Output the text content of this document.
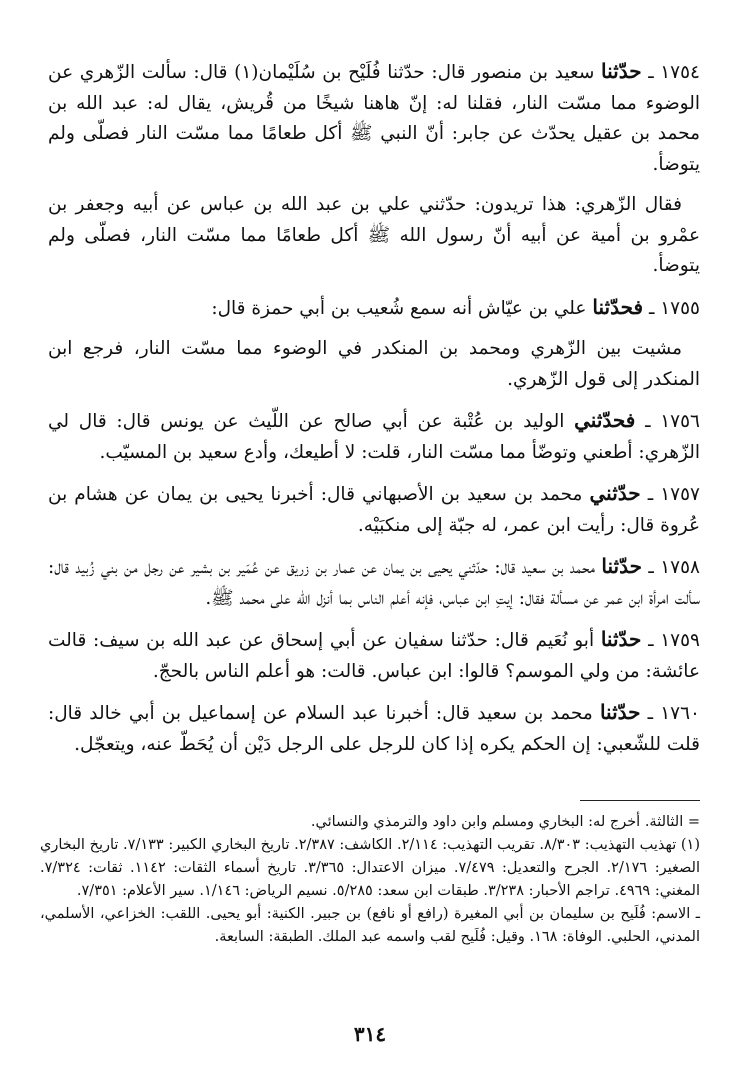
١٧٥٤ ـ حدّثنا سعيد بن منصور قال: حدّثنا فُلَيْح بن سُلَيْمان(١) قال: سألت الزّهري عن الوضوء مما مسّت النار، فقلنا له: إنّ هاهنا شيخًا من قُريش، يقال له: عبد الله بن محمد بن عقيل يحدّث عن جابر: أنّ النبي ﷺ أكل طعامًا مما مسّت النار فصلّى ولم يتوضأ.

فقال الزّهري: هذا تريدون: حدّثني علي بن عبد الله بن عباس عن أبيه وجعفر بن عمْرو بن أمية عن أبيه أنّ رسول الله ﷺ أكل طعامًا مما مسّت النار، فصلّى ولم يتوضأ.

١٧٥٥ ـ فحدّثنا علي بن عيّاش أنه سمع شُعيب بن أبي حمزة قال:

مشيت بين الزّهري ومحمد بن المنكدر في الوضوء مما مسّت النار، فرجع ابن المنكدر إلى قول الزّهري.

١٧٥٦ ـ فحدّثني الوليد بن عُتْبة عن أبي صالح عن اللّيث عن يونس قال: قال لي الزّهري: أطعني وتوضّأ مما مسّت النار، قلت: لا أطيعك، وأدع سعيد بن المسيّب.

١٧٥٧ ـ حدّثني محمد بن سعيد بن الأصبهاني قال: أخبرنا يحيى بن يمان عن هشام بن عُروة قال: رأيت ابن عمر، له جبّة إلى منكبَيْه.

١٧٥٨ ـ حدّثنا محمد بن سعيد قال: حدّثني يحيى بن يمان عن عمار بن زريق عن عُمَير بن بشير عن رجل من بني زُبيد قال: سألت امرأة ابن عمر عن مسألة فقال: إيتِ ابن عباس، فإنه أعلم الناس بما أنزل الله على محمد ﷺ.

١٧٥٩ ـ حدّثنا أبو نُعَيم قال: حدّثنا سفيان عن أبي إسحاق عن عبد الله بن سيف: قالت عائشة: من ولي الموسم؟ قالوا: ابن عباس. قالت: هو أعلم الناس بالحجّ.

١٧٦٠ ـ حدّثنا محمد بن سعيد قال: أخبرنا عبد السلام عن إسماعيل بن أبي خالد قال: قلت للشّعبي: إن الحكم يكره إذا كان للرجل على الرجل دَيْن أن يُحَطّ عنه، ويتعجّل.

= الثالثة. أخرج له: البخاري ومسلم وابن داود والترمذي والنسائي.

(١) تهذيب التهذيب: ٨/٣٠٣. تقريب التهذيب: ٢/١١٤. الكاشف: ٢/٣٨٧. تاريخ البخاري الكبير: ٧/١٣٣. تاريخ البخاري الصغير: ٢/١٧٦. الجرح والتعديل: ٧/٤٧٩. ميزان الاعتدال: ٣/٣٦٥. تاريخ أسماء الثقات: ١١٤٢. ثقات: ٧/٣٢٤. المغني: ٤٩٦٩. تراجم الأحبار: ٣/٢٣٨. طبقات ابن سعد: ٥/٢٨٥. نسيم الرياض: ١/١٤٦. سير الأعلام: ٧/٣٥١.

ـ الاسم: فُلَيح بن سليمان بن أبي المغيرة (رافع أو نافع) بن جبير. الكنية: أبو يحيى. اللقب: الخزاعي، الأسلمي، المدني، الحلبي. الوفاة: ١٦٨. وقيل: فُلَيح لقب واسمه عبد الملك. الطبقة: السابعة.

٣١٤
